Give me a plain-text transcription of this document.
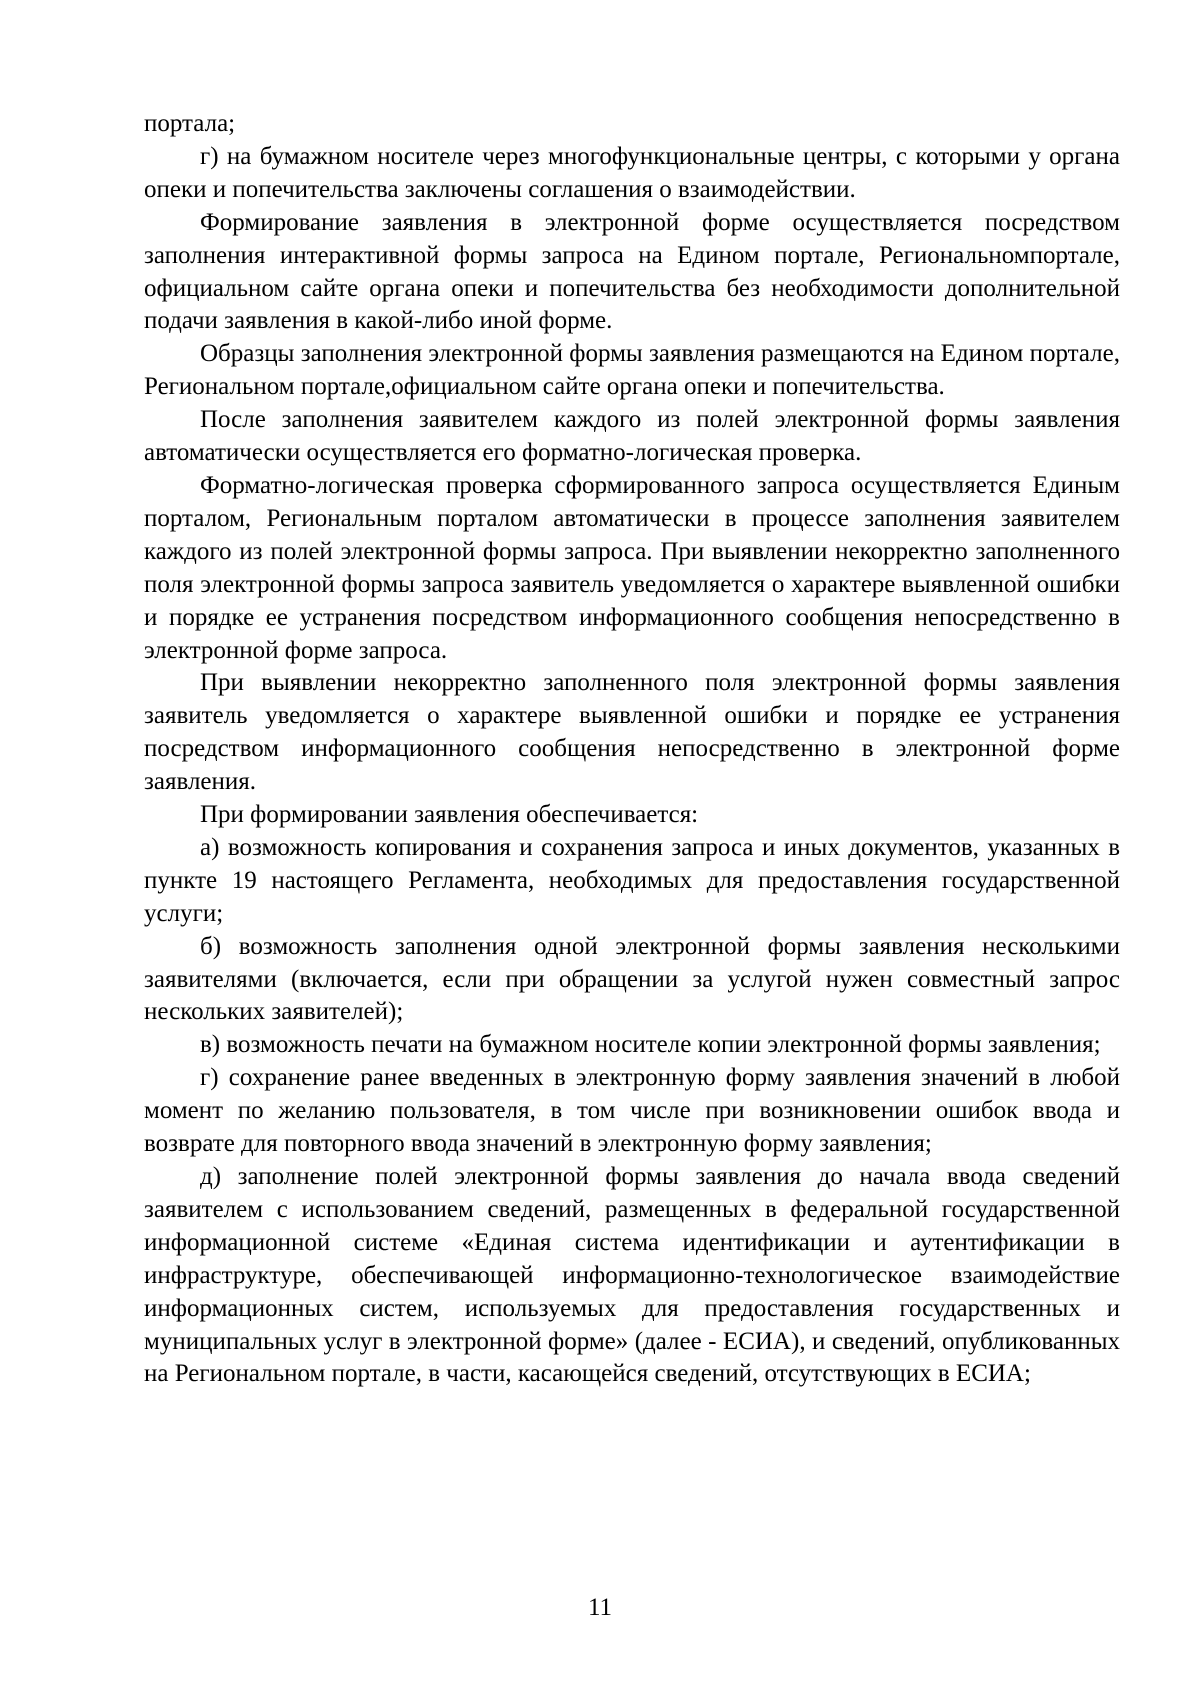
портала;

г) на бумажном носителе через многофункциональные центры, с которыми у органа опеки и попечительства заключены соглашения о взаимодействии.

Формирование заявления в электронной форме осуществляется посредством заполнения интерактивной формы запроса на Едином портале, Региональномпортале, официальном сайте органа опеки и попечительства без необходимости дополнительной подачи заявления в какой-либо иной форме.

Образцы заполнения электронной формы заявления размещаются на Едином портале, Региональном портале,официальном сайте органа опеки и попечительства.

После заполнения заявителем каждого из полей электронной формы заявления автоматически осуществляется его форматно-логическая проверка.

Форматно-логическая проверка сформированного запроса осуществляется Единым порталом, Региональным порталом автоматически в процессе заполнения заявителем каждого из полей электронной формы запроса. При выявлении некорректно заполненного поля электронной формы запроса заявитель уведомляется о характере выявленной ошибки и порядке ее устранения посредством информационного сообщения непосредственно в электронной форме запроса.

При выявлении некорректно заполненного поля электронной формы заявления заявитель уведомляется о характере выявленной ошибки и порядке ее устранения посредством информационного сообщения непосредственно в электронной форме заявления.

При формировании заявления обеспечивается:

а) возможность копирования и сохранения запроса и иных документов, указанных в пункте 19 настоящего Регламента, необходимых для предоставления государственной услуги;

б) возможность заполнения одной электронной формы заявления несколькими заявителями (включается, если при обращении за услугой нужен совместный запрос нескольких заявителей);

в) возможность печати на бумажном носителе копии электронной формы заявления;

г) сохранение ранее введенных в электронную форму заявления значений в любой момент по желанию пользователя, в том числе при возникновении ошибок ввода и возврате для повторного ввода значений в электронную форму заявления;

д) заполнение полей электронной формы заявления до начала ввода сведений заявителем с использованием сведений, размещенных в федеральной государственной информационной системе «Единая система идентификации и аутентификации в инфраструктуре, обеспечивающей информационно-технологическое взаимодействие информационных систем, используемых для предоставления государственных и муниципальных услуг в электронной форме» (далее - ЕСИА), и сведений, опубликованных на Региональном портале, в части, касающейся сведений, отсутствующих в ЕСИА;

11
